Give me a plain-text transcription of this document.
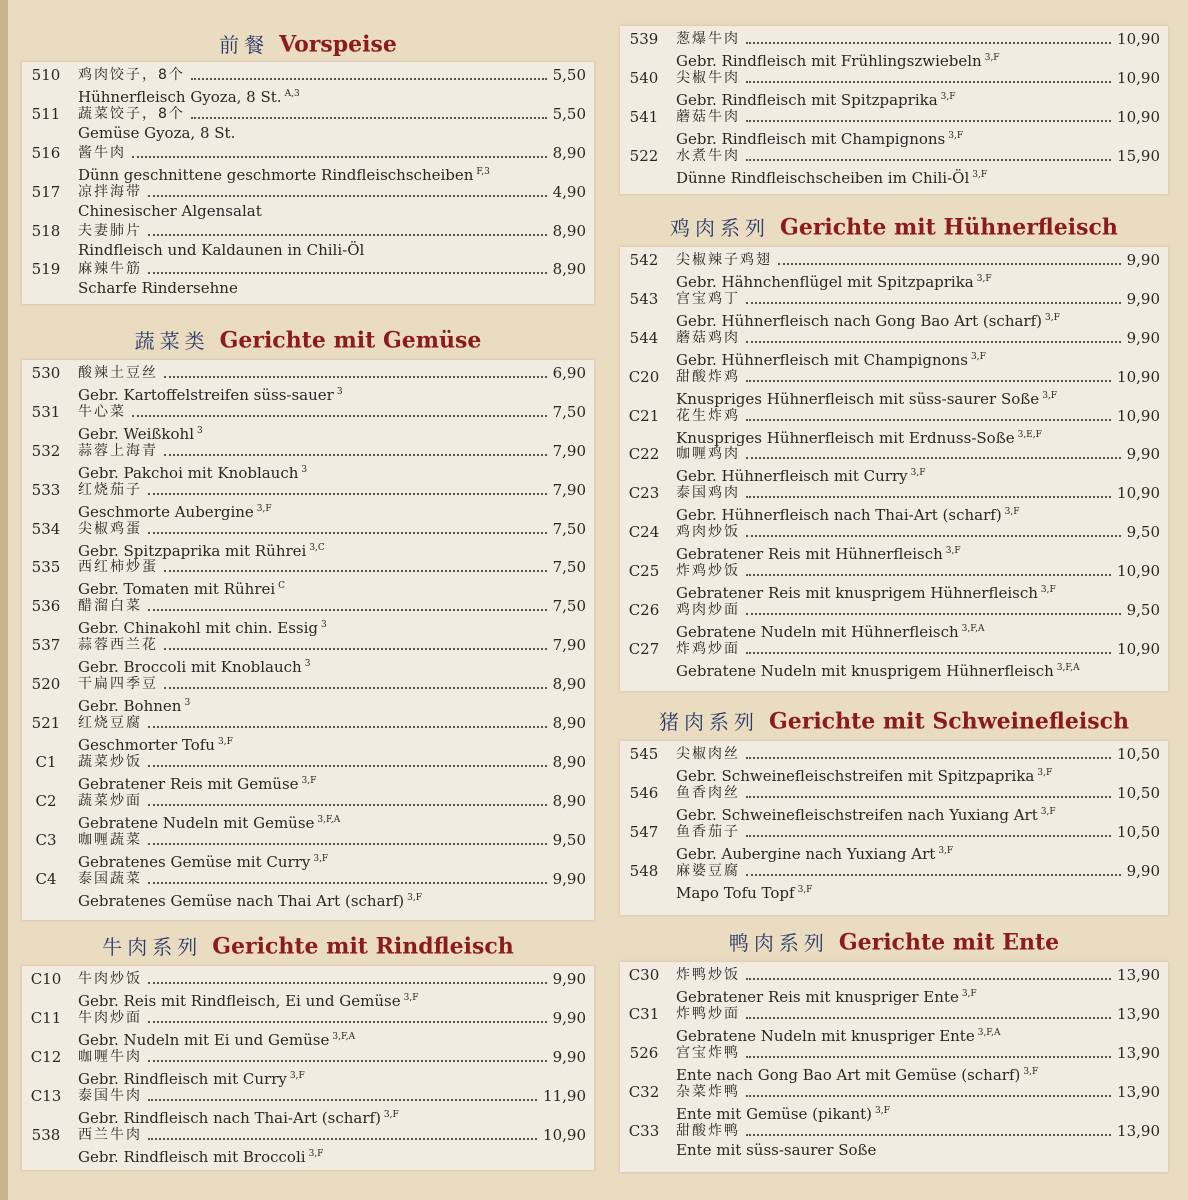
前餐 Vorspeise
510	鸡肉饺子，8个	5,50
Hühnerfleisch Gyoza, 8 St. $^{A,3}$
511	蔬菜饺子，8个	5,50
Gemüse Gyoza, 8 St.
516	酱牛肉	8,90
Dünn geschnittene geschmorte Rindfleischscheiben $^{F,3}$
517	凉拌海带	4,90
Chinesischer Algensalat
518	夫妻肺片	8,90
Rindfleisch und Kaldaunen in Chili-Öl
519	麻辣牛筋	8,90
Scharfe Rindersehne
蔬菜类 Gerichte mit Gemüse
530	酸辣土豆丝	6,90
Gebr. Kartoffelstreifen süss-sauer $^3$
531	牛心菜	7,50
Gebr. Weißkohl $^3$
532	蒜蓉上海青	7,90
Gebr. Pakchoi mit Knoblauch $^3$
533	红烧茄子	7,90
Geschmorte Aubergine $^{3,F}$
534	尖椒鸡蛋	7,50
Gebr. Spitzpaprika mit Rührei $^{3,C}$
535	西红柿炒蛋	7,50
Gebr. Tomaten mit Rührei $^C$
536	醋溜白菜	7,50
Gebr. Chinakohl mit chin. Essig $^3$
537	蒜蓉西兰花	7,90
Gebr. Broccoli mit Knoblauch $^3$
520	干扁四季豆	8,90
Gebr. Bohnen $^3$
521	红烧豆腐	8,90
Geschmorter Tofu $^{3,F}$
C1	蔬菜炒饭	8,90
Gebratener Reis mit Gemüse $^{3,F}$
C2	蔬菜炒面	8,90
Gebratene Nudeln mit Gemüse $^{3,F,A}$
C3	咖喱蔬菜	9,50
Gebratenes Gemüse mit Curry $^{3,F}$
C4	泰国蔬菜	9,90
Gebratenes Gemüse nach Thai Art (scharf) $^{3,F}$
牛肉系列 Gerichte mit Rindfleisch
C10	牛肉炒饭	9,90
Gebr. Reis mit Rindfleisch, Ei und Gemüse $^{3,F}$
C11	牛肉炒面	9,90
Gebr. Nudeln mit Ei und Gemüse $^{3,F,A}$
C12	咖喱牛肉	9,90
Gebr. Rindfleisch mit Curry $^{3,F}$
C13	泰国牛肉	11,90
Gebr. Rindfleisch nach Thai-Art (scharf) $^{3,F}$
538	西兰牛肉	10,90
Gebr. Rindfleisch mit Broccoli $^{3,F}$
539	葱爆牛肉	10,90
Gebr. Rindfleisch mit Frühlingszwiebeln $^{3,F}$
540	尖椒牛肉	10,90
Gebr. Rindfleisch mit Spitzpaprika $^{3,F}$
541	蘑菇牛肉	10,90
Gebr. Rindfleisch mit Champignons $^{3,F}$
522	水煮牛肉	15,90
Dünne Rindfleischscheiben im Chili-Öl $^{3,F}$
鸡肉系列 Gerichte mit Hühnerfleisch
542	尖椒辣子鸡翅	9,90
Gebr. Hähnchenflügel mit Spitzpaprika $^{3,F}$
543	宫宝鸡丁	9,90
Gebr. Hühnerfleisch nach Gong Bao Art (scharf) $^{3,F}$
544	蘑菇鸡肉	9,90
Gebr. Hühnerfleisch mit Champignons $^{3,F}$
C20	甜酸炸鸡	10,90
Knuspriges Hühnerfleisch mit süss-saurer Soße $^{3,F}$
C21	花生炸鸡	10,90
Knuspriges Hühnerfleisch mit Erdnuss-Soße $^{3,E,F}$
C22	咖喱鸡肉	9,90
Gebr. Hühnerfleisch mit Curry $^{3,F}$
C23	泰国鸡肉	10,90
Gebr. Hühnerfleisch nach Thai-Art (scharf) $^{3,F}$
C24	鸡肉炒饭	9,50
Gebratener Reis mit Hühnerfleisch $^{3,F}$
C25	炸鸡炒饭	10,90
Gebratener Reis mit knusprigem Hühnerfleisch $^{3,F}$
C26	鸡肉炒面	9,50
Gebratene Nudeln mit Hühnerfleisch $^{3,F,A}$
C27	炸鸡炒面	10,90
Gebratene Nudeln mit knusprigem Hühnerfleisch $^{3,F,A}$
猪肉系列 Gerichte mit Schweinefleisch
545	尖椒肉丝	10,50
Gebr. Schweinefleischstreifen mit Spitzpaprika $^{3,F}$
546	鱼香肉丝	10,50
Gebr. Schweinefleischstreifen nach Yuxiang Art $^{3,F}$
547	鱼香茄子	10,50
Gebr. Aubergine nach Yuxiang Art $^{3,F}$
548	麻婆豆腐	9,90
Mapo Tofu Topf $^{3,F}$
鸭肉系列 Gerichte mit Ente
C30	炸鸭炒饭	13,90
Gebratener Reis mit knuspriger Ente $^{3,F}$
C31	炸鸭炒面	13,90
Gebratene Nudeln mit knuspriger Ente $^{3,F,A}$
526	宫宝炸鸭	13,90
Ente nach Gong Bao Art mit Gemüse (scharf) $^{3,F}$
C32	杂菜炸鸭	13,90
Ente mit Gemüse (pikant) $^{3,F}$
C33	甜酸炸鸭	13,90
Ente mit süss-saurer Soße
